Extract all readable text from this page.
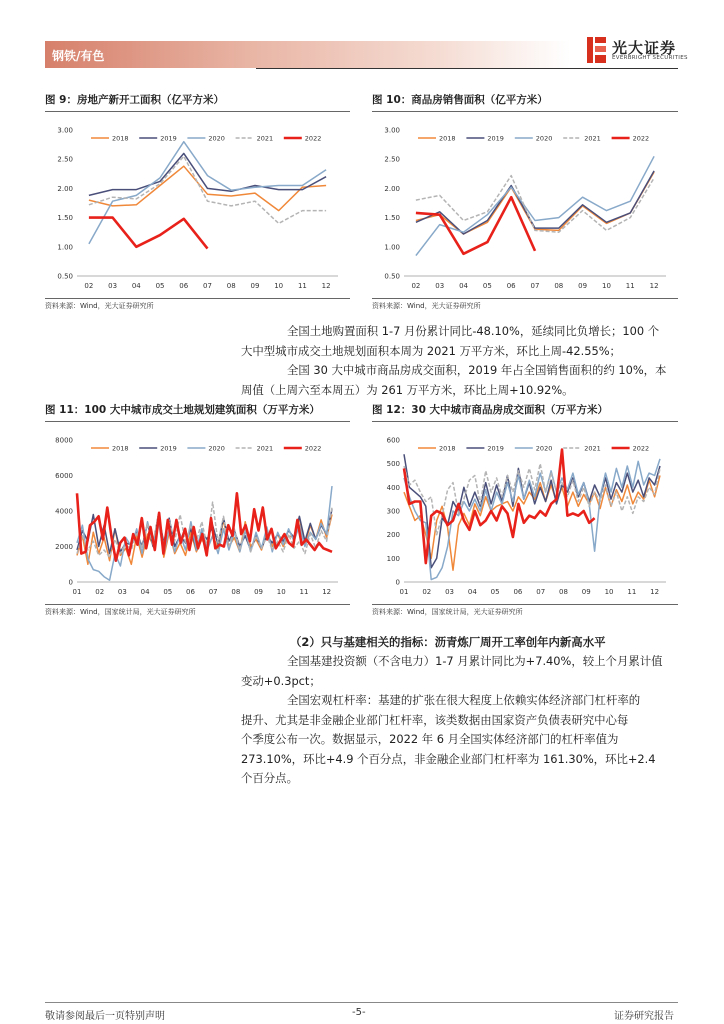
钢铁/有色	光大证券
EVERBRIGHT SECURITIES
图 9：房地产新开工面积（亿平方米）
0.50
1.00
1.50
2.00
2.50
3.00
02 03 04 05 06 07 08 09 10 11 12
2018	2019	2020	2021	2022
资料来源：Wind，光大证券研究所
图 10：商品房销售面积（亿平方米）
0.50
1.00
1.50
2.00
2.50
3.00
02 03 04 05 06 07 08 09 10 11 12
2018	2019	2020	2021	2022
资料来源：Wind，光大证券研究所

全国土地购置面积 1-7 月份累计同比-48.10%，延续同比负增长；100 个

大中型城市成交土地规划面积本周为 2021 万平方米，环比上周-42.55%；

全国 30 大中城市商品房成交面积，2019 年占全国销售面积的约 10%，本

周值（上周六至本周五）为 261 万平方米，环比上周+10.92%。

图 11：100 大中城市成交土地规划建筑面积（万平方米）
0
2000
4000
6000
8000
01 02 03 04 05 06 07 08 09 10 11 12
2018	2019	2020	2021	2022
资料来源：Wind，国家统计局，光大证券研究所
图 12：30 大中城市商品房成交面积（万平方米）
0
100
200
300
400
500
600
01 02 03 04 05 06 07 08 09 10 11 12
2018	2019	2020	2021	2022
资料来源：Wind，国家统计局，光大证券研究所
（2）只与基建相关的指标：沥青炼厂周开工率创年内新高水平

全国基建投资额（不含电力）1-7 月累计同比为+7.40%，较上个月累计值

变动+0.3pct；

全国宏观杠杆率：基建的扩张在很大程度上依赖实体经济部门杠杆率的

提升、尤其是非金融企业部门杠杆率，该类数据由国家资产负债表研究中心每

个季度公布一次。数据显示，2022 年 6 月全国实体经济部门的杠杆率值为

273.10%，环比+4.9 个百分点，非金融企业部门杠杆率为 161.30%，环比+2.4

个百分点。

敬请参阅最后一页特别声明	-5-	证券研究报告
